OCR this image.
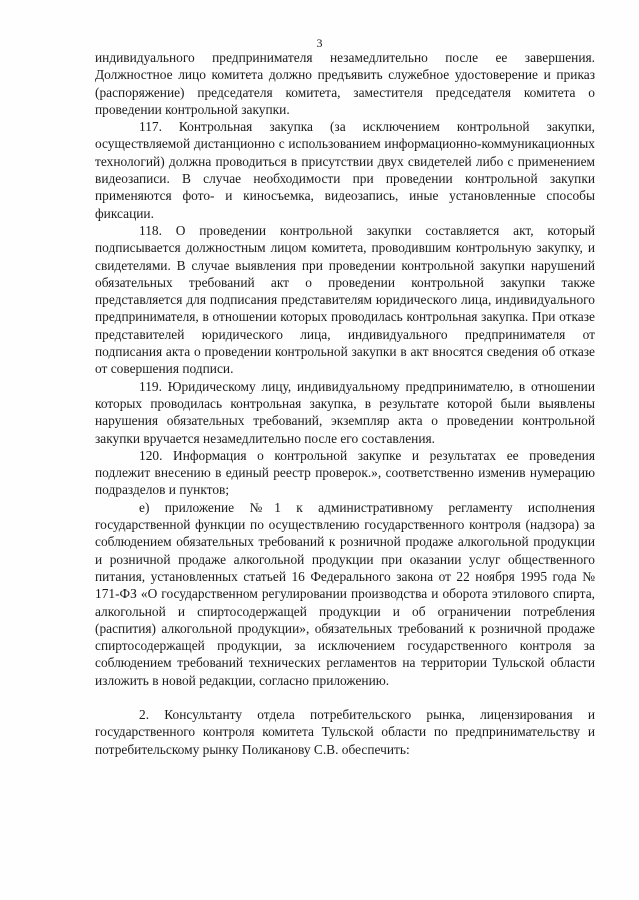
3

индивидуального предпринимателя незамедлительно после ее завершения. Должностное лицо комитета должно предъявить служебное удостоверение и приказ (распоряжение) председателя комитета, заместителя председателя комитета о проведении контрольной закупки.

117. Контрольная закупка (за исключением контрольной закупки, осуществляемой дистанционно с использованием информационно-коммуникационных технологий) должна проводиться в присутствии двух свидетелей либо с применением видеозаписи. В случае необходимости при проведении контрольной закупки применяются фото- и киносъемка, видеозапись, иные установленные способы фиксации.

118. О проведении контрольной закупки составляется акт, который подписывается должностным лицом комитета, проводившим контрольную закупку, и свидетелями. В случае выявления при проведении контрольной закупки нарушений обязательных требований акт о проведении контрольной закупки также представляется для подписания представителям юридического лица, индивидуального предпринимателя, в отношении которых проводилась контрольная закупка. При отказе представителей юридического лица, индивидуального предпринимателя от подписания акта о проведении контрольной закупки в акт вносятся сведения об отказе от совершения подписи.

119. Юридическому лицу, индивидуальному предпринимателю, в отношении которых проводилась контрольная закупка, в результате которой были выявлены нарушения обязательных требований, экземпляр акта о проведении контрольной закупки вручается незамедлительно после его составления.

120. Информация о контрольной закупке и результатах ее проведения подлежит внесению в единый реестр проверок.», соответственно изменив нумерацию подразделов и пунктов;

е) приложение №1 к административному регламенту исполнения государственной функции по осуществлению государственного контроля (надзора) за соблюдением обязательных требований к розничной продаже алкогольной продукции и розничной продаже алкогольной продукции при оказании услуг общественного питания, установленных статьей 16 Федерального закона от 22 ноября 1995 года № 171-ФЗ «О государственном регулировании производства и оборота этилового спирта, алкогольной и спиртосодержащей продукции и об ограничении потребления (распития) алкогольной продукции», обязательных требований к розничной продаже спиртосодержащей продукции, за исключением государственного контроля за соблюдением требований технических регламентов на территории Тульской области изложить в новой редакции, согласно приложению.

2. Консультанту отдела потребительского рынка, лицензирования и государственного контроля комитета Тульской области по предпринимательству и потребительскому рынку Поликанову С.В. обеспечить:
